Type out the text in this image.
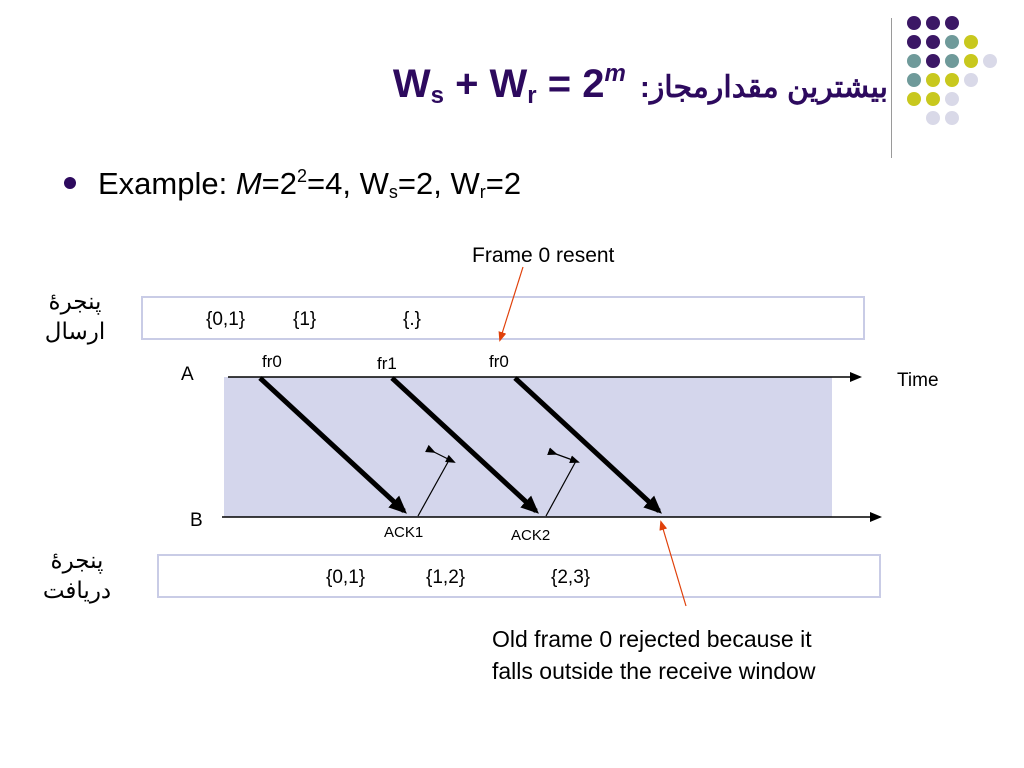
$W_s + W_r = 2^m$ بیشترین مقدارمجاز:
Example: $M=2^2=4$, $W_s=2$, $W_r=2$
پنجرهٔ ارسال	{0,1}	{1}	{.}
پنجرهٔ دریافت	{0,1}	{1,2}	{2,3}
A
B
Time
fr0	fr1	fr0
ACK1	ACK2
Frame 0 resent
Old frame 0 rejected because it
falls outside the receive window
